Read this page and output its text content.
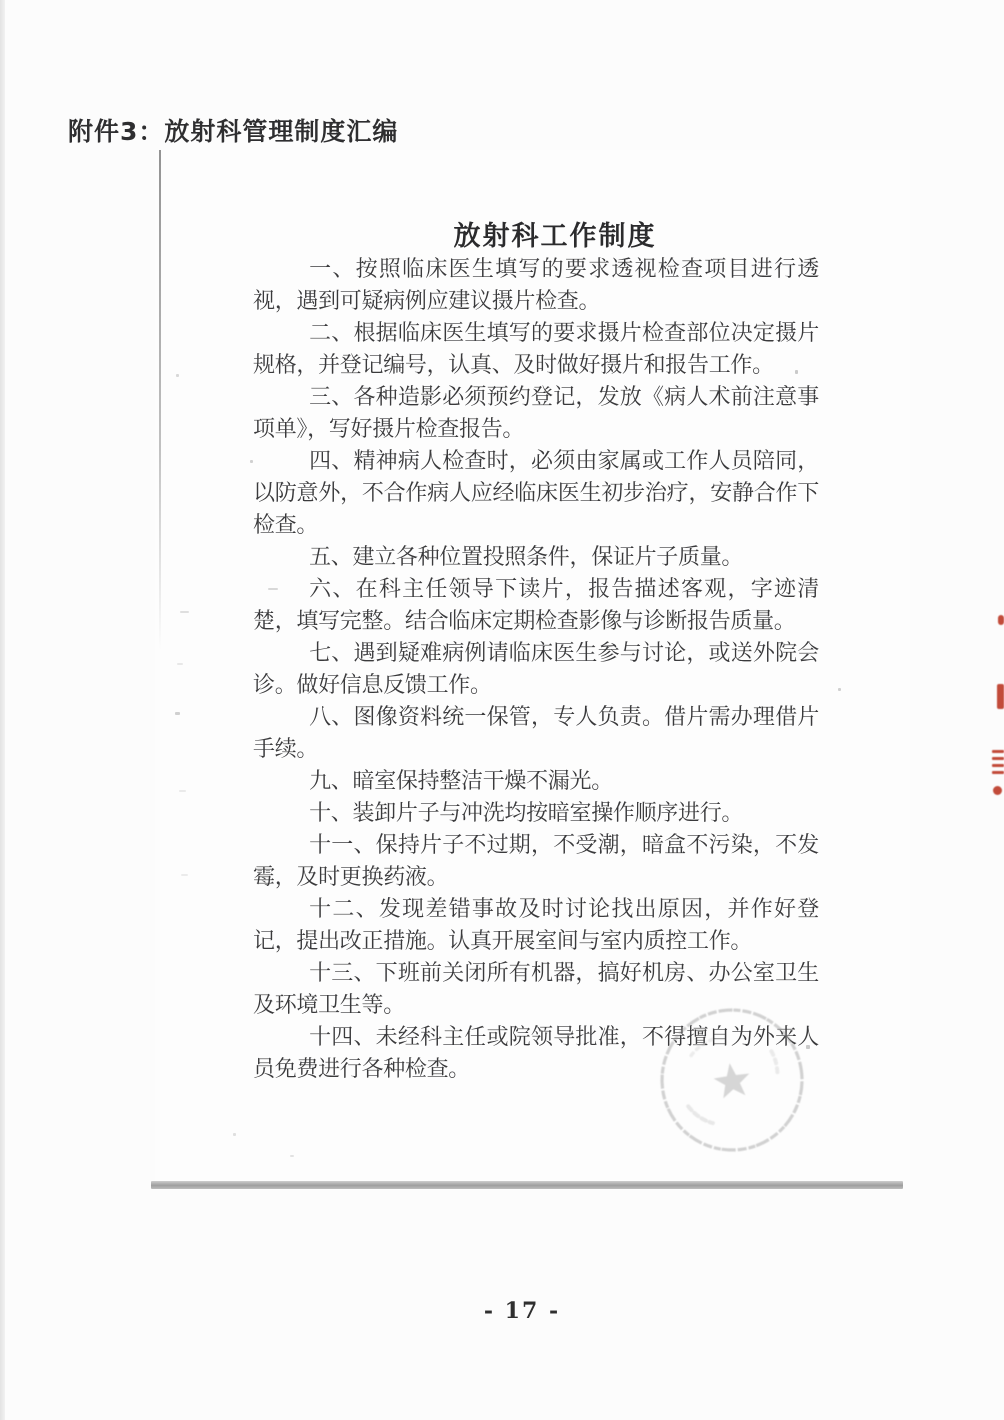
附件3：放射科管理制度汇编
放射科工作制度

一、按照临床医生填写的要求透视检查项目进行透视，遇到可疑病例应建议摄片检查。

二、根据临床医生填写的要求摄片检查部位决定摄片规格，并登记编号，认真、及时做好摄片和报告工作。

三、各种造影必须预约登记，发放《病人术前注意事项单》，写好摄片检查报告。

四、精神病人检查时，必须由家属或工作人员陪同，以防意外，不合作病人应经临床医生初步治疗，安静合作下检查。

五、建立各种位置投照条件，保证片子质量。

六、在科主任领导下读片，报告描述客观，字迹清楚，填写完整。结合临床定期检查影像与诊断报告质量。

七、遇到疑难病例请临床医生参与讨论，或送外院会诊。做好信息反馈工作。

八、图像资料统一保管，专人负责。借片需办理借片手续。

九、暗室保持整洁干燥不漏光。

十、装卸片子与冲洗均按暗室操作顺序进行。

十一、保持片子不过期，不受潮，暗盒不污染，不发霉，及时更换药液。

十二、发现差错事故及时讨论找出原因，并作好登记，提出改正措施。认真开展室间与室内质控工作。

十三、下班前关闭所有机器，搞好机房、办公室卫生及环境卫生等。

十四、未经科主任或院领导批准，不得擅自为外来人员免费进行各种检查。

- 17 -
